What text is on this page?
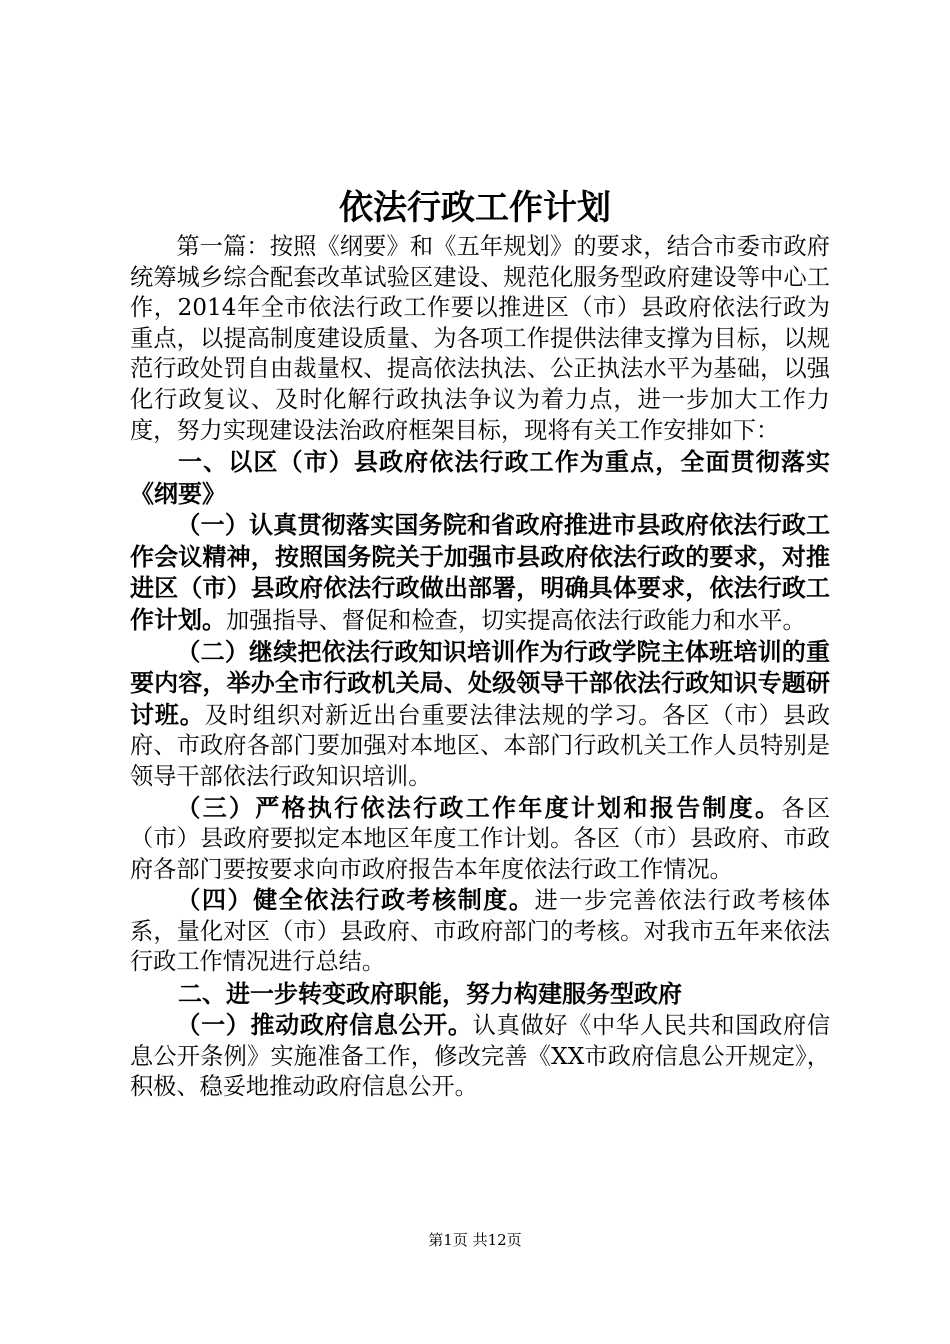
依法行政工作计划

第一篇：按照《纲要》和《五年规划》的要求，结合市委市政府统筹城乡综合配套改革试验区建设、规范化服务型政府建设等中心工作，2014年全市依法行政工作要以推进区（市）县政府依法行政为重点，以提高制度建设质量、为各项工作提供法律支撑为目标，以规范行政处罚自由裁量权、提高依法执法、公正执法水平为基础，以强化行政复议、及时化解行政执法争议为着力点，进一步加大工作力度，努力实现建设法治政府框架目标，现将有关工作安排如下：

一、以区（市）县政府依法行政工作为重点，全面贯彻落实《纲要》

（一）认真贯彻落实国务院和省政府推进市县政府依法行政工作会议精神，按照国务院关于加强市县政府依法行政的要求，对推进区（市）县政府依法行政做出部署，明确具体要求，依法行政工作计划。加强指导、督促和检查，切实提高依法行政能力和水平。

（二）继续把依法行政知识培训作为行政学院主体班培训的重要内容，举办全市行政机关局、处级领导干部依法行政知识专题研讨班。及时组织对新近出台重要法律法规的学习。各区（市）县政府、市政府各部门要加强对本地区、本部门行政机关工作人员特别是领导干部依法行政知识培训。

（三）严格执行依法行政工作年度计划和报告制度。各区（市）县政府要拟定本地区年度工作计划。各区（市）县政府、市政府各部门要按要求向市政府报告本年度依法行政工作情况。

（四）健全依法行政考核制度。进一步完善依法行政考核体系，量化对区（市）县政府、市政府部门的考核。对我市五年来依法行政工作情况进行总结。

二、进一步转变政府职能，努力构建服务型政府

（一）推动政府信息公开。认真做好《中华人民共和国政府信息公开条例》实施准备工作，修改完善《XX市政府信息公开规定》，积极、稳妥地推动政府信息公开。

第1页 共12页
